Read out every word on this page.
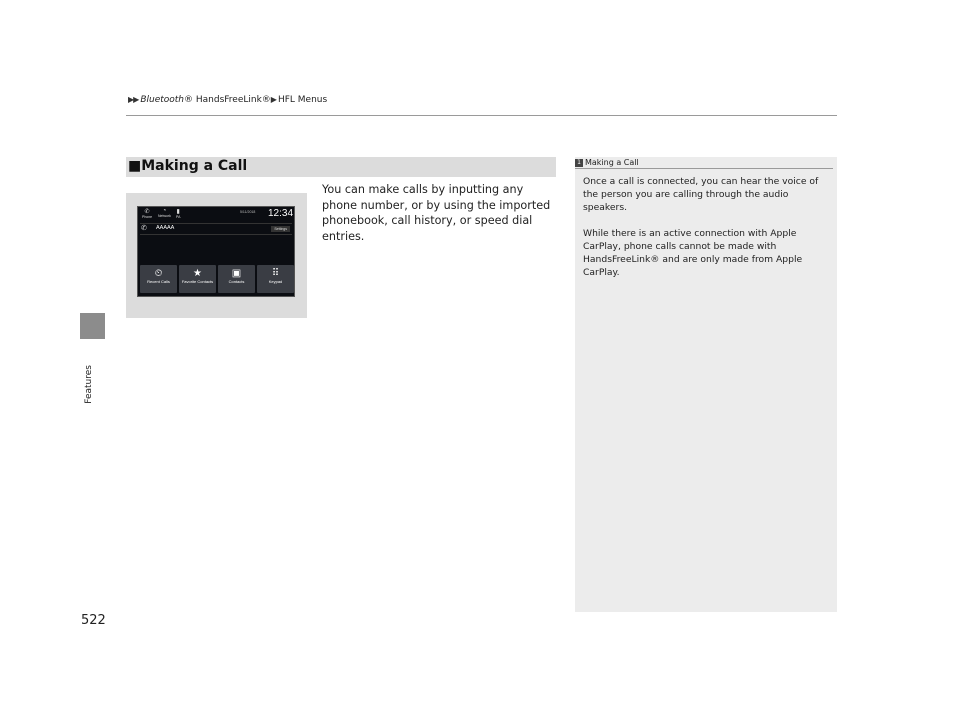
▶▶ Bluetooth® HandsFreeLink®▶ HFL Menus
Features
522
■Making a Call
You can make calls by inputting any phone number, or by using the imported phonebook, call history, or speed dial entries.
✆
Phone
◔
Network
▮
PA
5/11/2018 12:34
✆ AAAAA	Settings
⏲
Recent Calls
★
Favorite Contacts
▣
Contacts
⠿
Keypad
1 Making a Call

Once a call is connected, you can hear the voice of the person you are calling through the audio speakers.

While there is an active connection with Apple CarPlay, phone calls cannot be made with HandsFreeLink® and are only made from Apple CarPlay.
